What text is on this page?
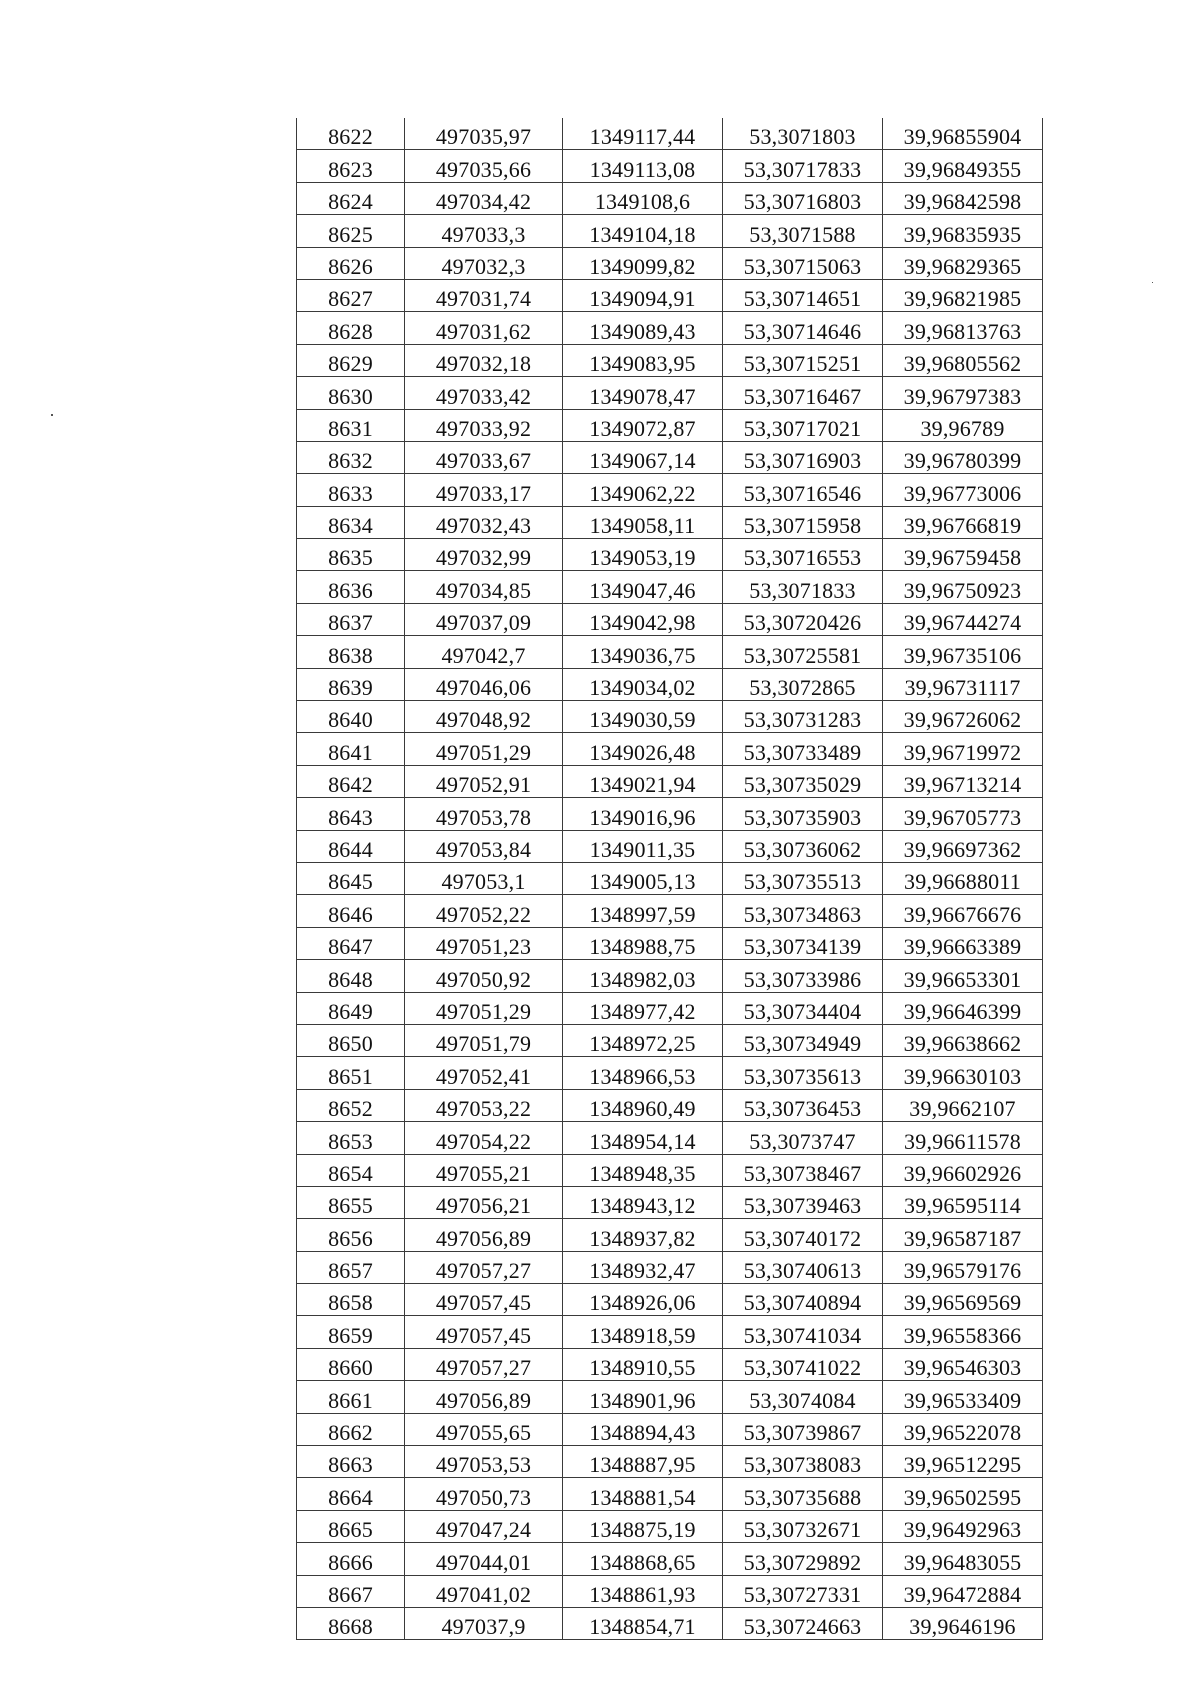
8622	497035,97	1349117,44	53,3071803	39,96855904
8623	497035,66	1349113,08	53,30717833	39,96849355
8624	497034,42	1349108,6	53,30716803	39,96842598
8625	497033,3	1349104,18	53,3071588	39,96835935
8626	497032,3	1349099,82	53,30715063	39,96829365
8627	497031,74	1349094,91	53,30714651	39,96821985
8628	497031,62	1349089,43	53,30714646	39,96813763
8629	497032,18	1349083,95	53,30715251	39,96805562
8630	497033,42	1349078,47	53,30716467	39,96797383
8631	497033,92	1349072,87	53,30717021	39,96789
8632	497033,67	1349067,14	53,30716903	39,96780399
8633	497033,17	1349062,22	53,30716546	39,96773006
8634	497032,43	1349058,11	53,30715958	39,96766819
8635	497032,99	1349053,19	53,30716553	39,96759458
8636	497034,85	1349047,46	53,3071833	39,96750923
8637	497037,09	1349042,98	53,30720426	39,96744274
8638	497042,7	1349036,75	53,30725581	39,96735106
8639	497046,06	1349034,02	53,3072865	39,96731117
8640	497048,92	1349030,59	53,30731283	39,96726062
8641	497051,29	1349026,48	53,30733489	39,96719972
8642	497052,91	1349021,94	53,30735029	39,96713214
8643	497053,78	1349016,96	53,30735903	39,96705773
8644	497053,84	1349011,35	53,30736062	39,96697362
8645	497053,1	1349005,13	53,30735513	39,96688011
8646	497052,22	1348997,59	53,30734863	39,96676676
8647	497051,23	1348988,75	53,30734139	39,96663389
8648	497050,92	1348982,03	53,30733986	39,96653301
8649	497051,29	1348977,42	53,30734404	39,96646399
8650	497051,79	1348972,25	53,30734949	39,96638662
8651	497052,41	1348966,53	53,30735613	39,96630103
8652	497053,22	1348960,49	53,30736453	39,9662107
8653	497054,22	1348954,14	53,3073747	39,96611578
8654	497055,21	1348948,35	53,30738467	39,96602926
8655	497056,21	1348943,12	53,30739463	39,96595114
8656	497056,89	1348937,82	53,30740172	39,96587187
8657	497057,27	1348932,47	53,30740613	39,96579176
8658	497057,45	1348926,06	53,30740894	39,96569569
8659	497057,45	1348918,59	53,30741034	39,96558366
8660	497057,27	1348910,55	53,30741022	39,96546303
8661	497056,89	1348901,96	53,3074084	39,96533409
8662	497055,65	1348894,43	53,30739867	39,96522078
8663	497053,53	1348887,95	53,30738083	39,96512295
8664	497050,73	1348881,54	53,30735688	39,96502595
8665	497047,24	1348875,19	53,30732671	39,96492963
8666	497044,01	1348868,65	53,30729892	39,96483055
8667	497041,02	1348861,93	53,30727331	39,96472884
8668	497037,9	1348854,71	53,30724663	39,9646196
